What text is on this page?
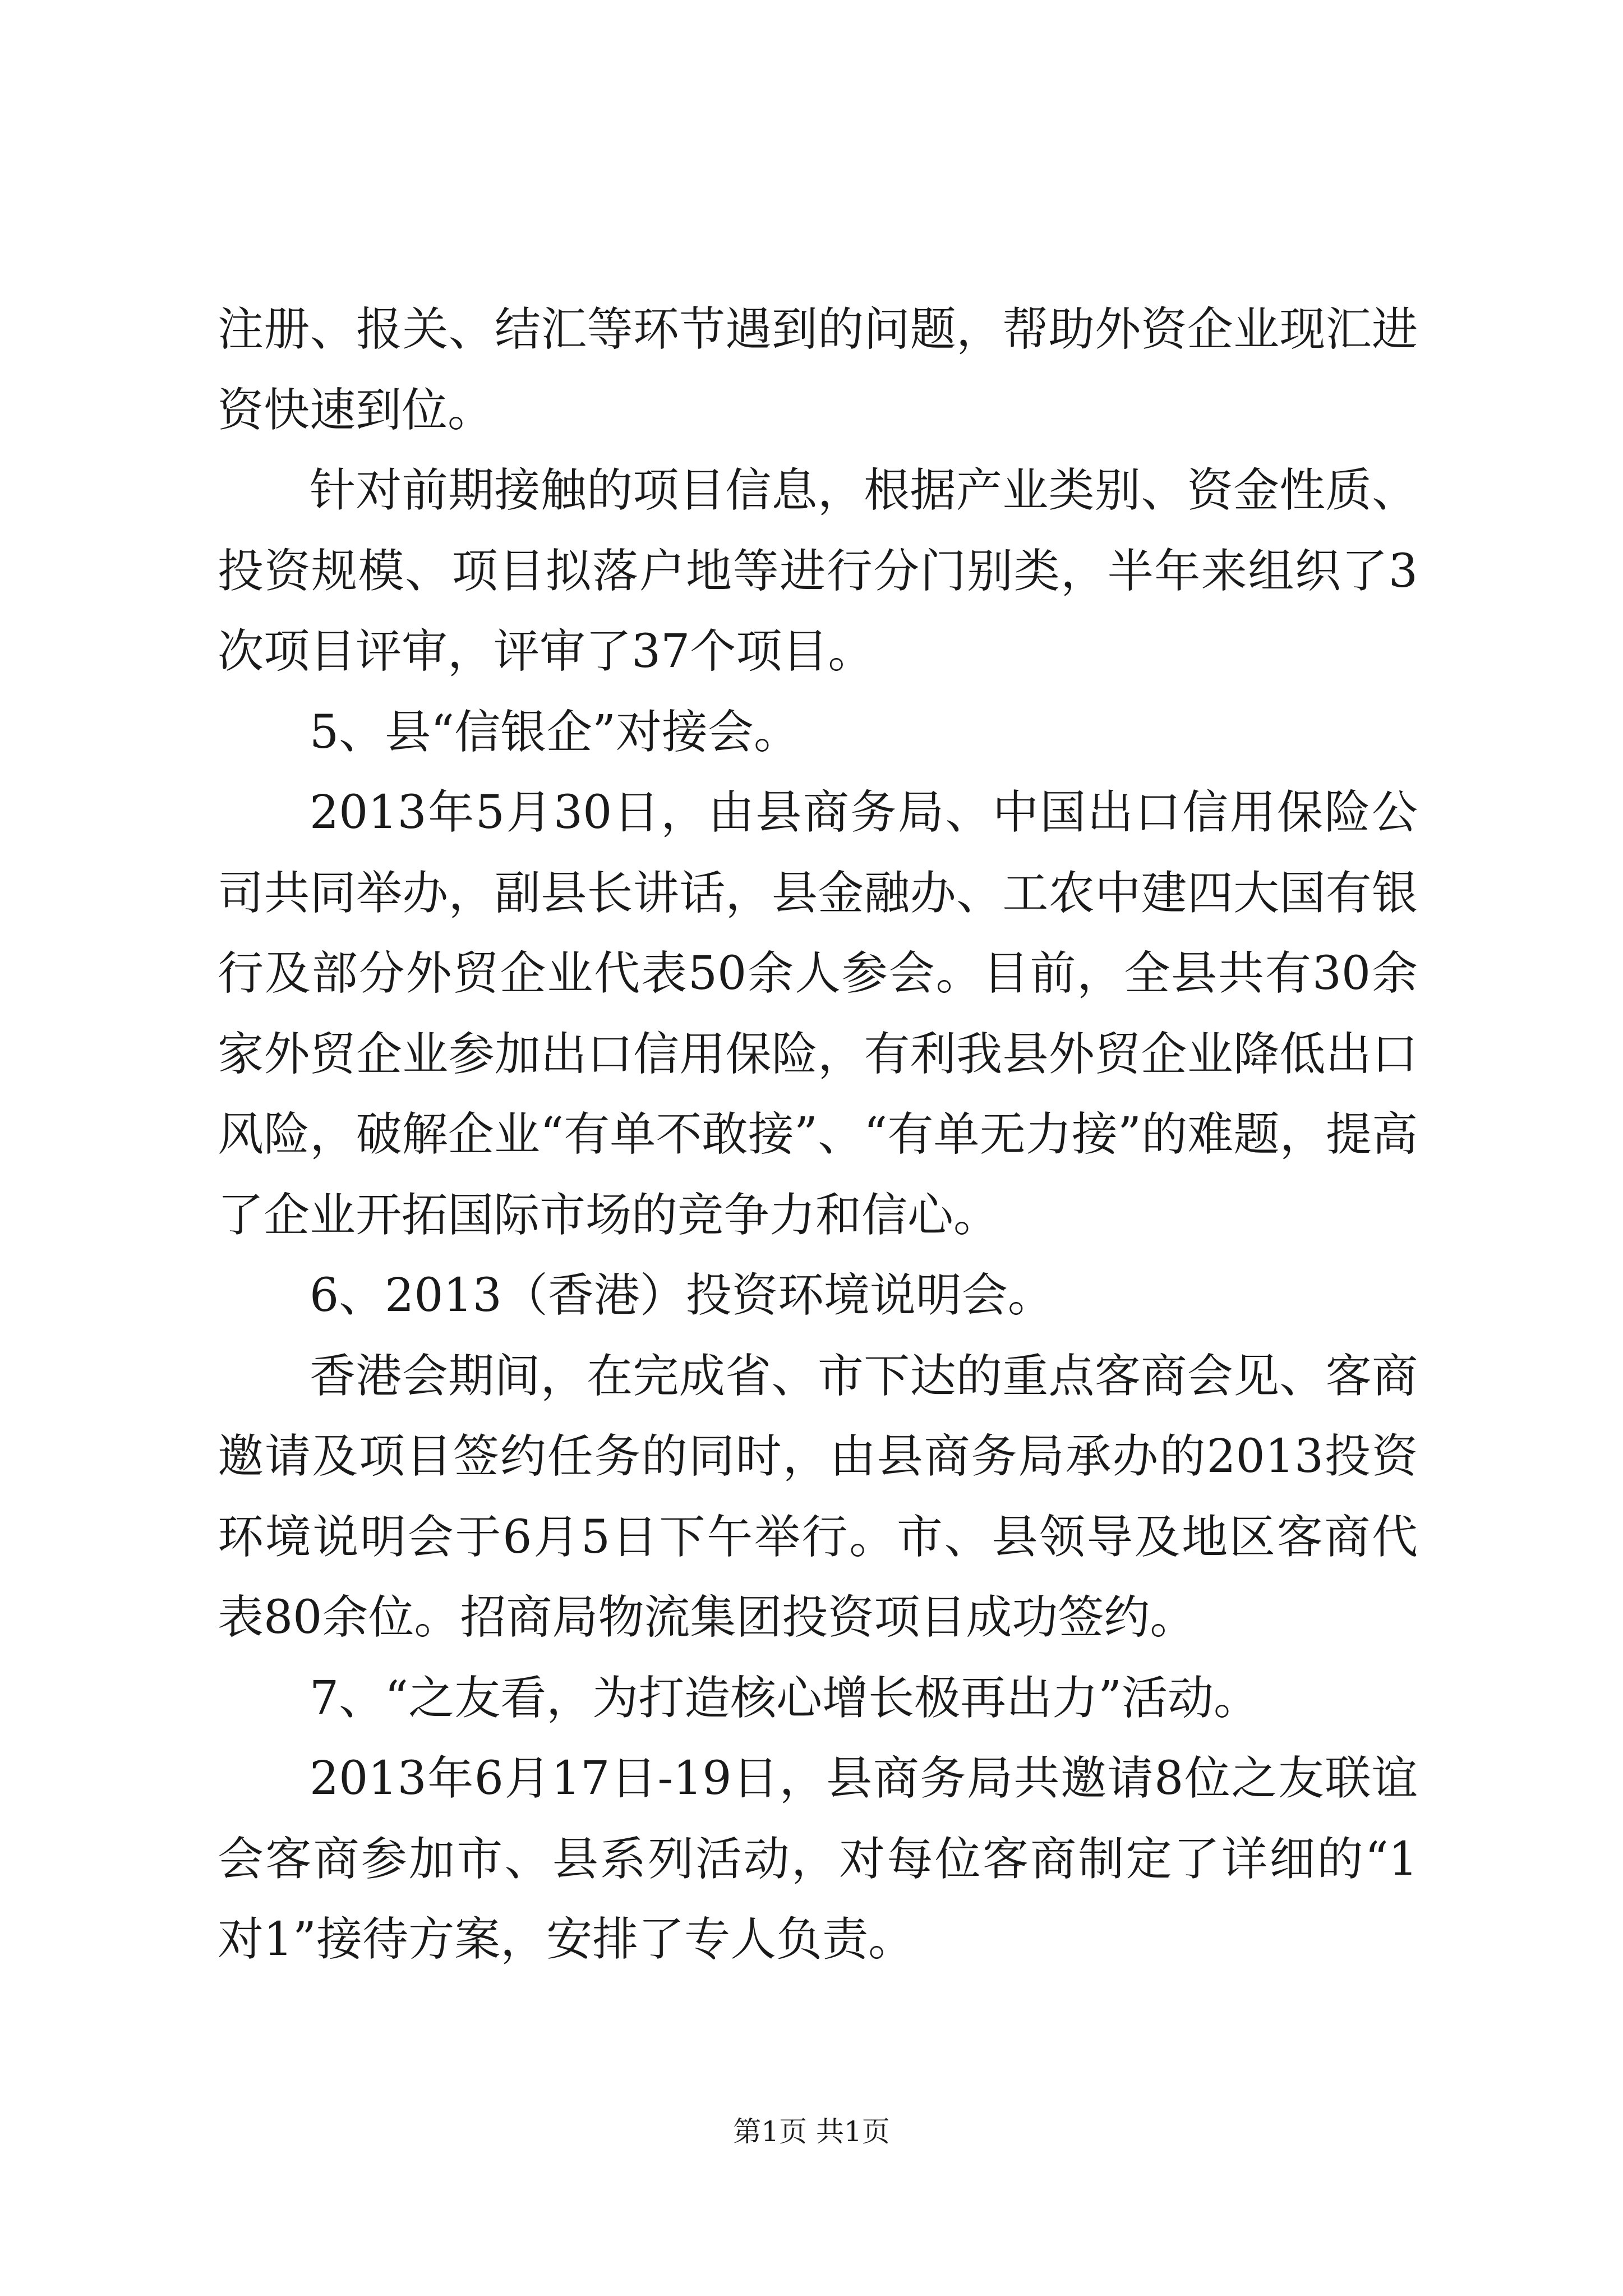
注册、报关、结汇等环节遇到的问题，帮助外资企业现汇进资快速到位。

针对前期接触的项目信息，根据产业类别、资金性质、投资规模、项目拟落户地等进行分门别类，半年来组织了3次项目评审，评审了37个项目。

5、县“信银企”对接会。

2013年5月30日，由县商务局、中国出口信用保险公司共同举办，副县长讲话，县金融办、工农中建四大国有银行及部分外贸企业代表50余人参会。目前，全县共有30余家外贸企业参加出口信用保险，有利我县外贸企业降低出口风险，破解企业“有单不敢接”、“有单无力接”的难题，提高了企业开拓国际市场的竞争力和信心。

6、2013（香港）投资环境说明会。

香港会期间，在完成省、市下达的重点客商会见、客商邀请及项目签约任务的同时，由县商务局承办的2013投资环境说明会于6月5日下午举行。市、县领导及地区客商代表80余位。招商局物流集团投资项目成功签约。

7、“之友看，为打造核心增长极再出力”活动。

2013年6月17日-19日，县商务局共邀请8位之友联谊会客商参加市、县系列活动，对每位客商制定了详细的“1对1”接待方案，安排了专人负责。

第1页 共1页
